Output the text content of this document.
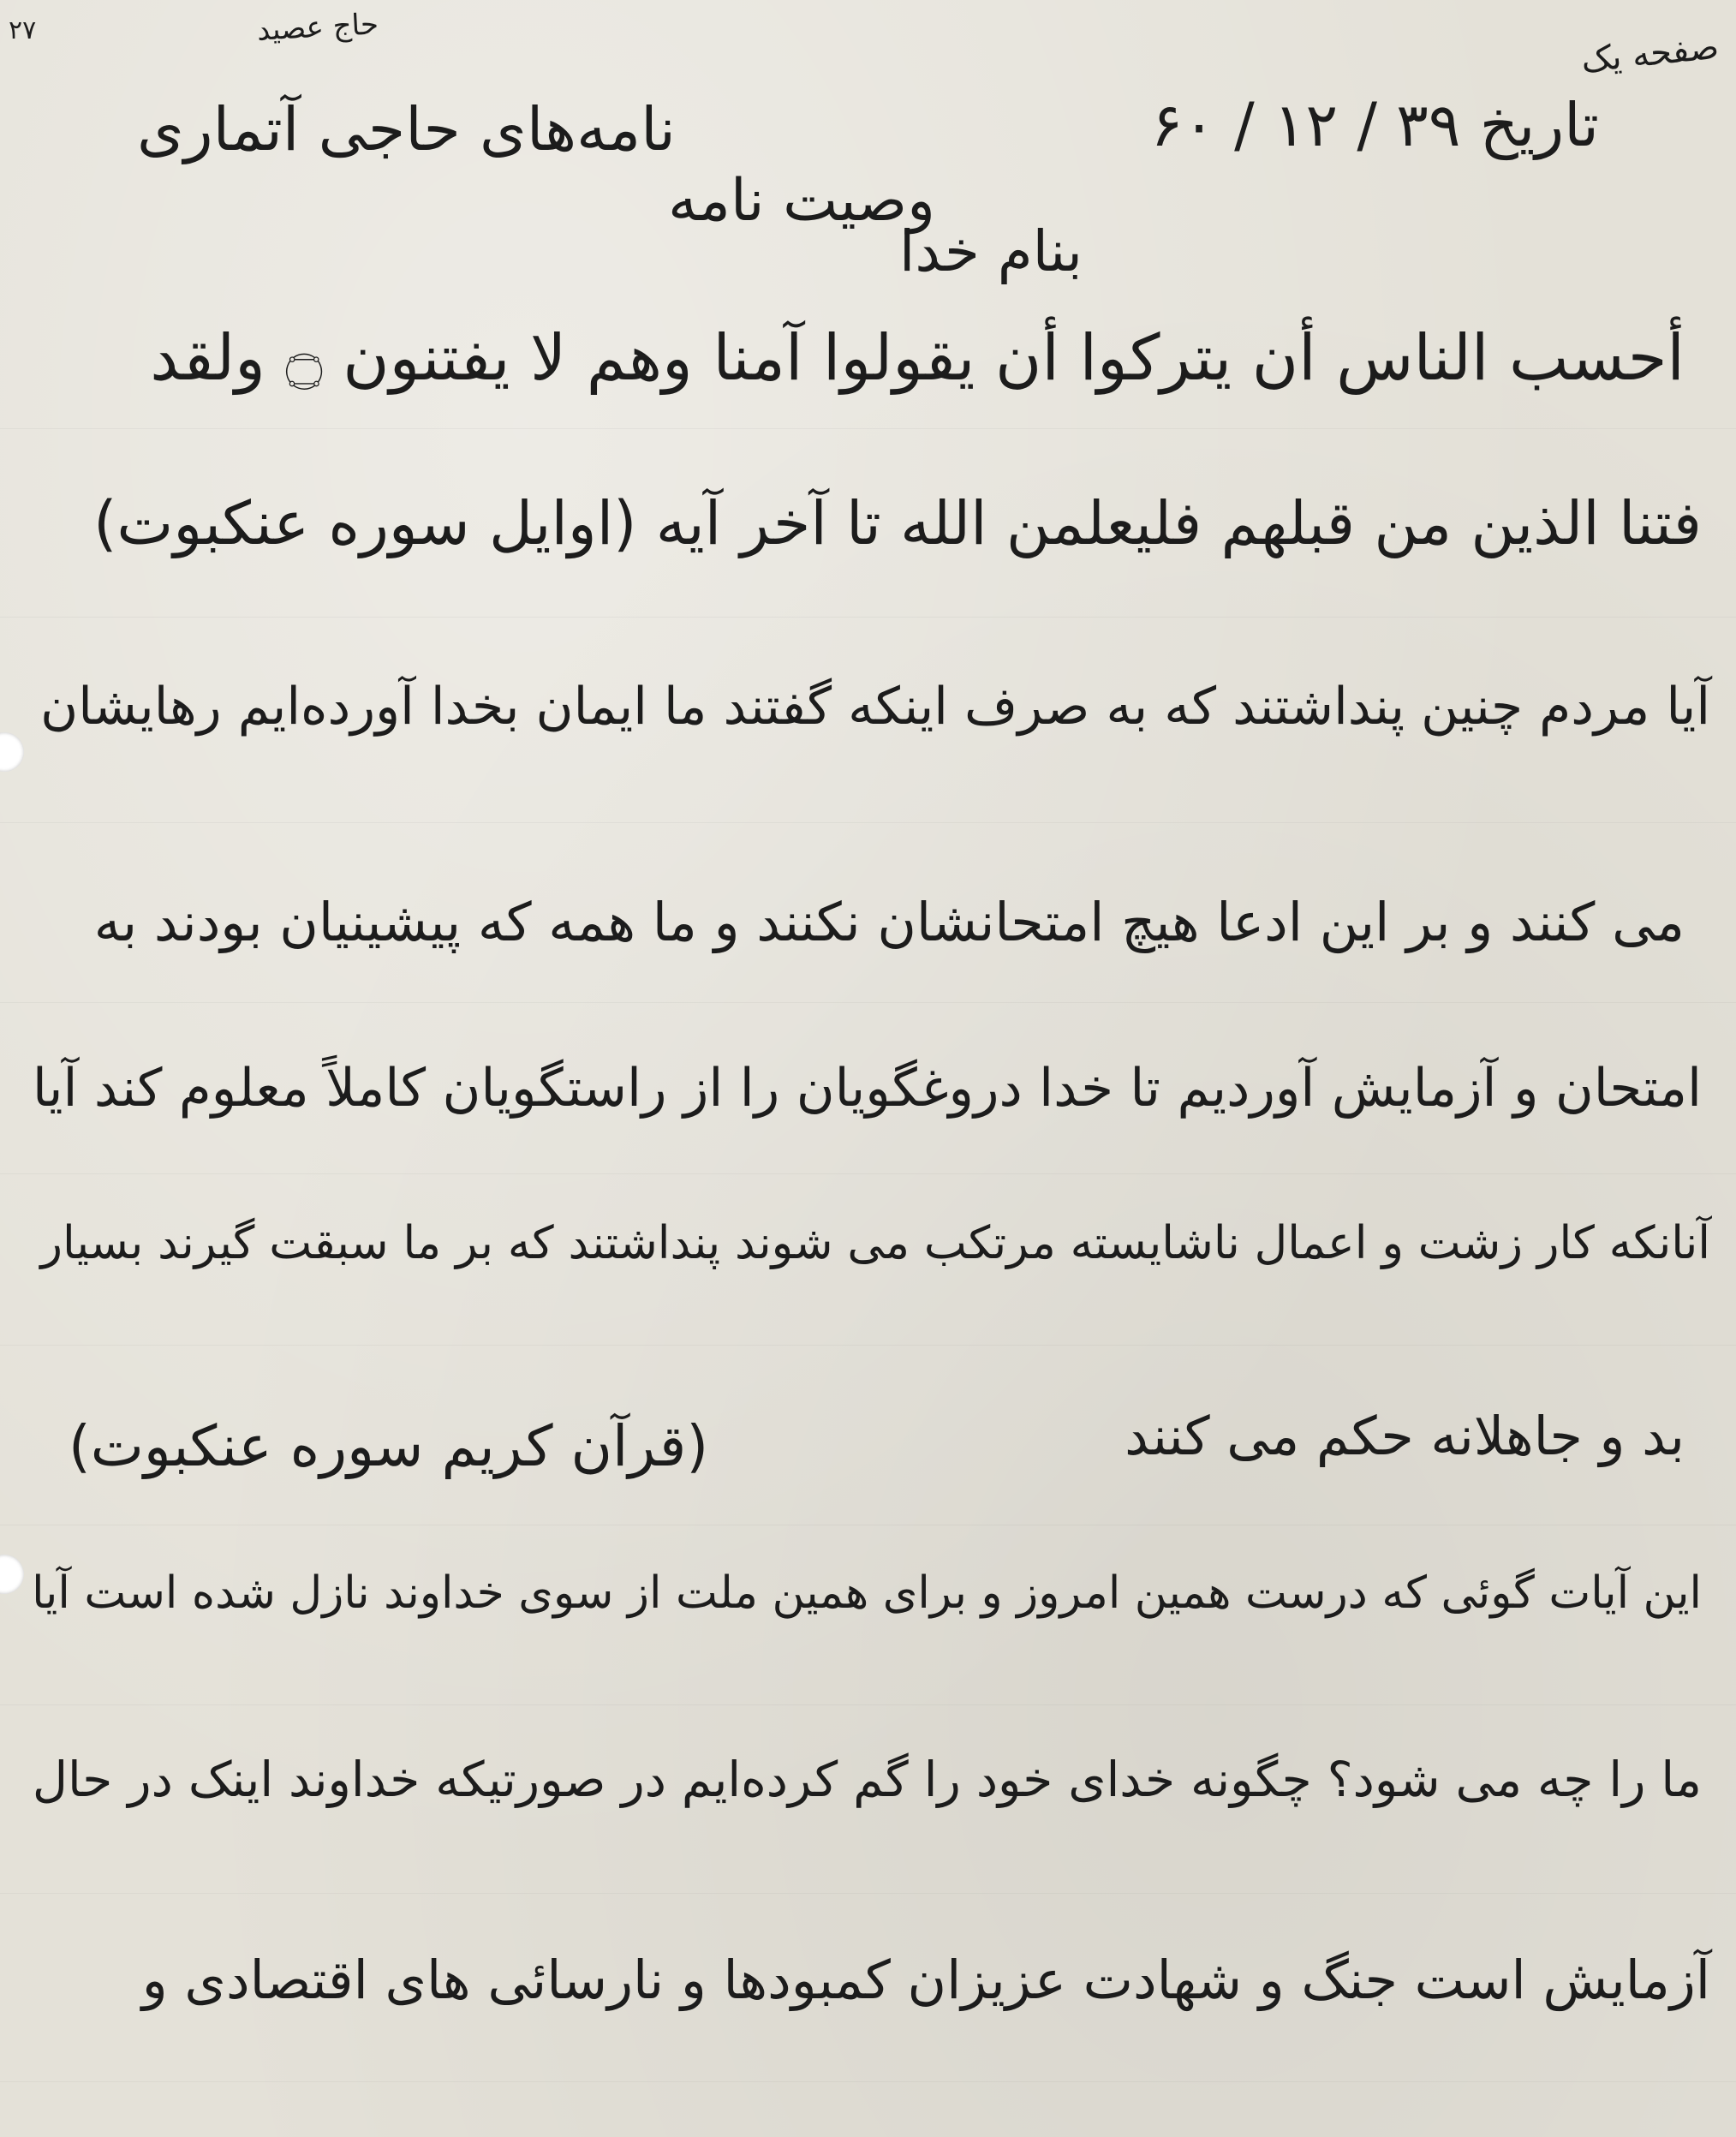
۲۷	حاج عصید	صفحه یک
نامه‌های حاجی آتماری	تاریخ ۳۹ / ۱۲ / ۶۰
وصیت نامه
بنام خدا
أحسب الناس أن يتركوا أن يقولوا آمنا وهم لا يفتنون ۝ ولقد
فتنا الذين من قبلهم فليعلمن الله تا آخر آیه (اوایل سوره عنکبوت)
آیا مردم چنین پنداشتند که به صرف اینکه گفتند ما ایمان بخدا آورده‌ایم رهایشان
می کنند و بر این ادعا هیچ امتحانشان نکنند و ما همه که پیشینیان بودند به
امتحان و آزمایش آوردیم تا خدا دروغگویان را از راستگویان کاملاً معلوم کند آیا
آنانکه کار زشت و اعمال ناشایسته مرتکب می شوند پنداشتند که بر ما سبقت گیرند بسیار
بد و جاهلانه حکم می کنند
(قرآن کریم سوره عنکبوت)
این آیات گوئی که درست همین امروز و برای همین ملت از سوی خداوند نازل شده است آیا
ما را چه می شود؟ چگونه خدای خود را گم کرده‌ایم در صورتیکه خداوند اینک در حال
آزمایش است جنگ و شهادت عزیزان کمبودها و نارسائی های اقتصادی و
